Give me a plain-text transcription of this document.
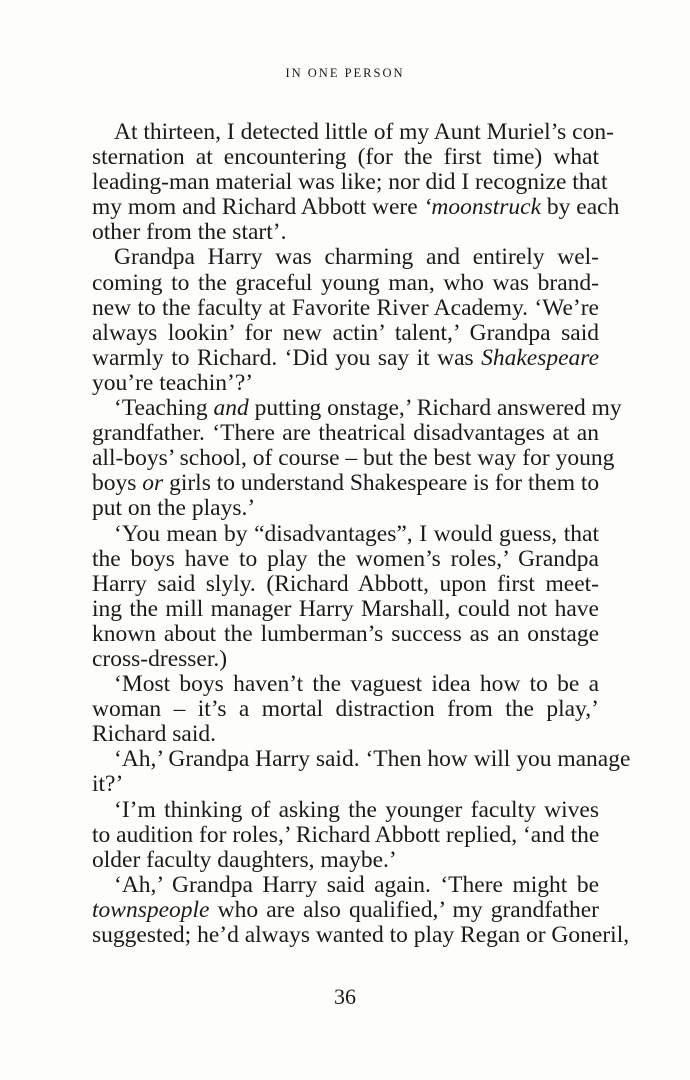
IN ONE PERSON
At thirteen, I detected little of my Aunt Muriel’s con-
sternation at encountering (for the first time) what
leading-man material was like; nor did I recognize that
my mom and Richard Abbott were ‘moonstruck by each
other from the start’.
Grandpa Harry was charming and entirely wel-
coming to the graceful young man, who was brand-
new to the faculty at Favorite River Academy. ‘We’re
always lookin’ for new actin’ talent,’ Grandpa said
warmly to Richard. ‘Did you say it was Shakespeare
you’re teachin’?’
‘Teaching and putting onstage,’ Richard answered my
grandfather. ‘There are theatrical disadvantages at an
all-boys’ school, of course – but the best way for young
boys or girls to understand Shakespeare is for them to
put on the plays.’
‘You mean by “disadvantages”, I would guess, that
the boys have to play the women’s roles,’ Grandpa
Harry said slyly. (Richard Abbott, upon first meet-
ing the mill manager Harry Marshall, could not have
known about the lumberman’s success as an onstage
cross-dresser.)
‘Most boys haven’t the vaguest idea how to be a
woman – it’s a mortal distraction from the play,’
Richard said.
‘Ah,’ Grandpa Harry said. ‘Then how will you manage
it?’
‘I’m thinking of asking the younger faculty wives
to audition for roles,’ Richard Abbott replied, ‘and the
older faculty daughters, maybe.’
‘Ah,’ Grandpa Harry said again. ‘There might be
townspeople who are also qualified,’ my grandfather
suggested; he’d always wanted to play Regan or Goneril,
36
